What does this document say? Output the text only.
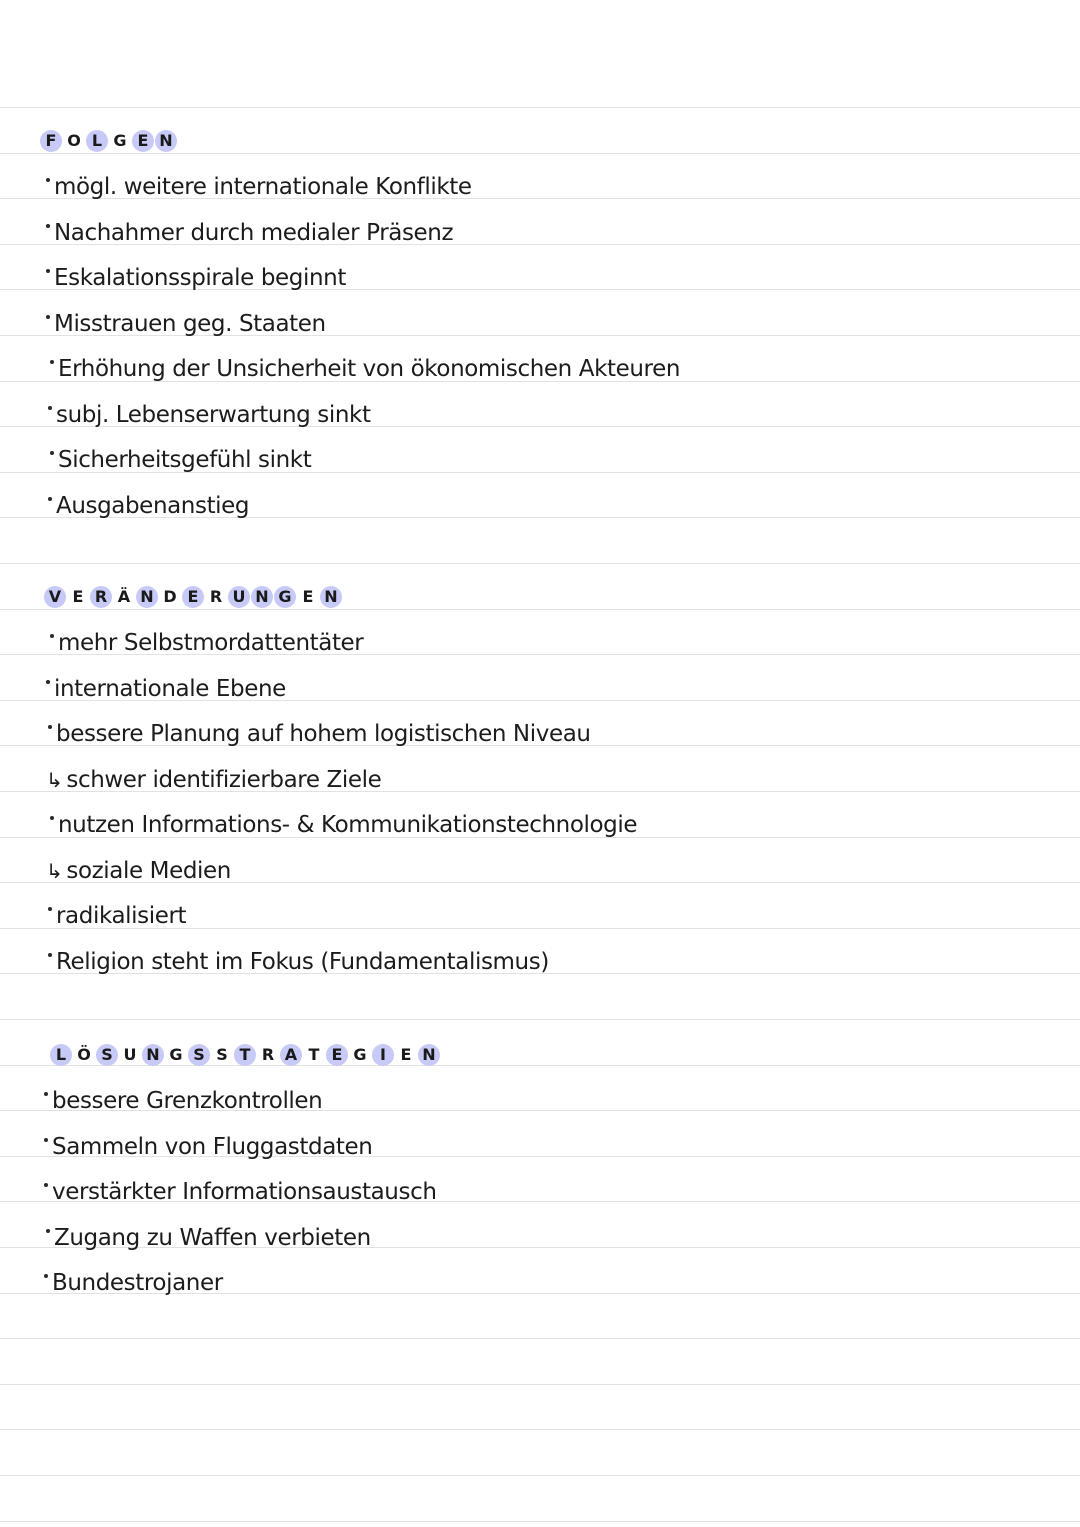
F O L G E N
mögl. weitere internationale Konflikte
Nachahmer durch medialer Präsenz
Eskalationsspirale beginnt
Misstrauen geg. Staaten
Erhöhung der Unsicherheit von ökonomischen Akteuren
subj. Lebenserwartung sinkt
Sicherheitsgefühl sinkt
Ausgabenanstieg
V E R Ä N D E R U N G E N
mehr Selbstmordattentäter
internationale Ebene
bessere Planung auf hohem logistischen Niveau
↳ schwer identifizierbare Ziele
nutzen Informations- & Kommunikationstechnologie
↳ soziale Medien
radikalisiert
Religion steht im Fokus (Fundamentalismus)
L Ö S U N G S S T R A T E G I E N
bessere Grenzkontrollen
Sammeln von Fluggastdaten
verstärkter Informationsaustausch
Zugang zu Waffen verbieten
Bundestrojaner
